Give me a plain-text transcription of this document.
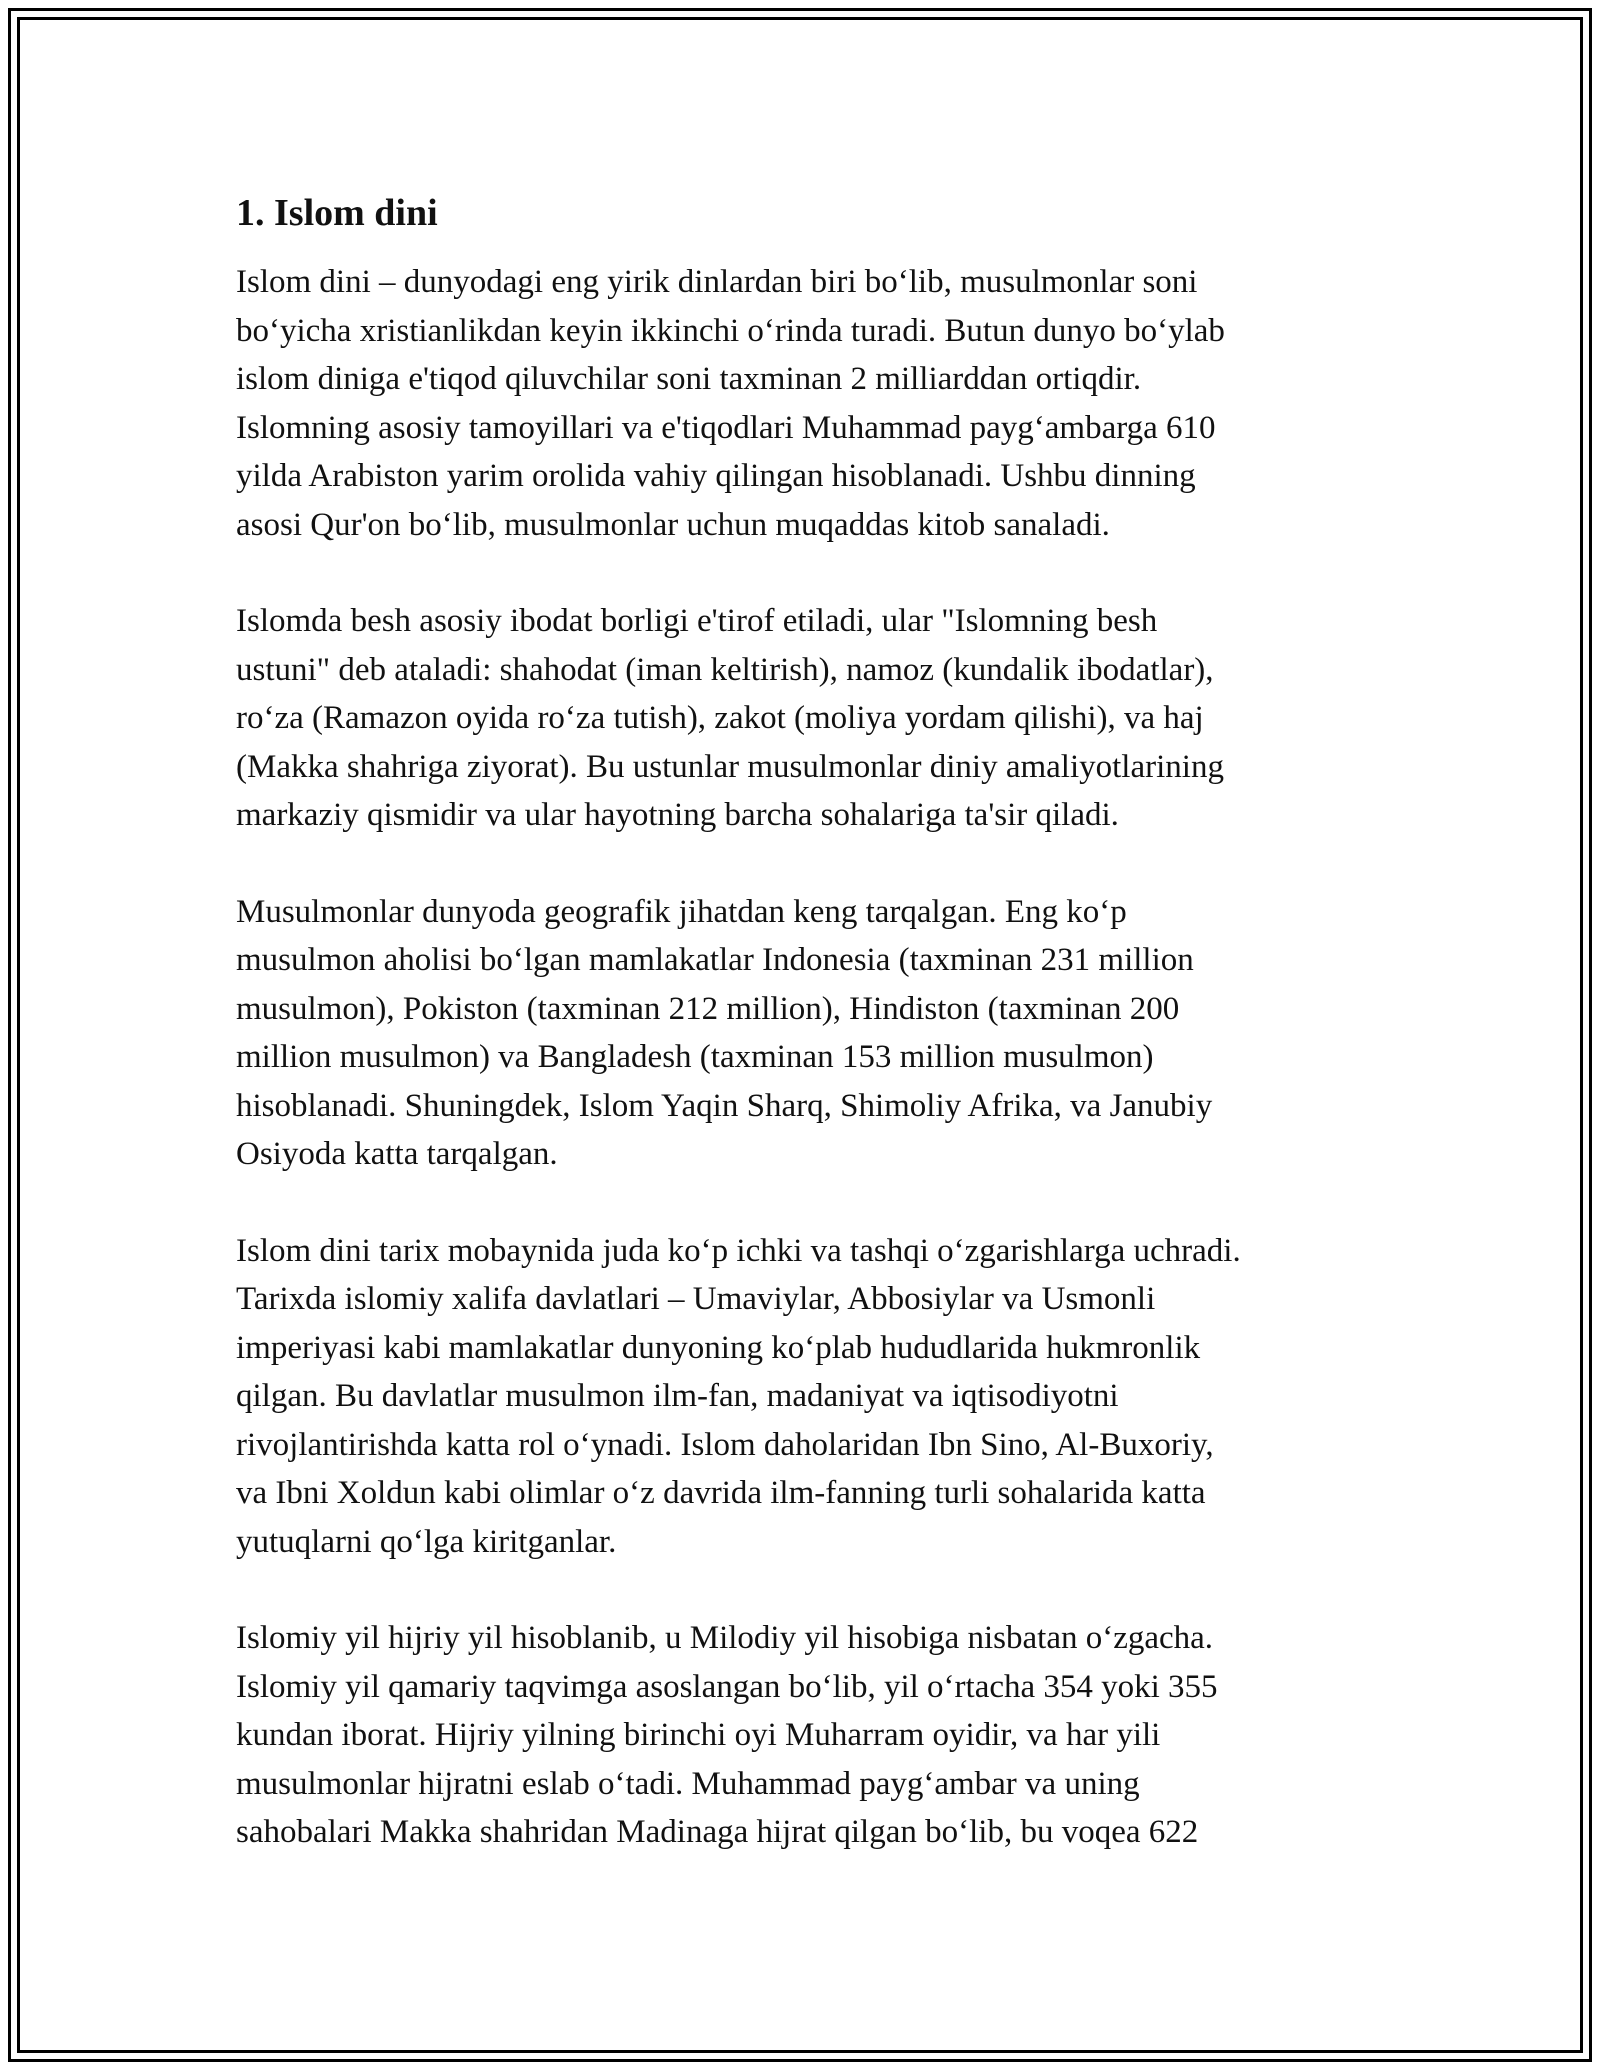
1. Islom dini
Islom dini – dunyodagi eng yirik dinlardan biri bo‘lib, musulmonlar soni
bo‘yicha xristianlikdan keyin ikkinchi o‘rinda turadi. Butun dunyo bo‘ylab
islom diniga e'tiqod qiluvchilar soni taxminan 2 milliarddan ortiqdir.
Islomning asosiy tamoyillari va e'tiqodlari Muhammad payg‘ambarga 610
yilda Arabiston yarim orolida vahiy qilingan hisoblanadi. Ushbu dinning
asosi Qur'on bo‘lib, musulmonlar uchun muqaddas kitob sanaladi.
Islomda besh asosiy ibodat borligi e'tirof etiladi, ular "Islomning besh
ustuni" deb ataladi: shahodat (iman keltirish), namoz (kundalik ibodatlar),
ro‘za (Ramazon oyida ro‘za tutish), zakot (moliya yordam qilishi), va haj
(Makka shahriga ziyorat). Bu ustunlar musulmonlar diniy amaliyotlarining
markaziy qismidir va ular hayotning barcha sohalariga ta'sir qiladi.
Musulmonlar dunyoda geografik jihatdan keng tarqalgan. Eng ko‘p
musulmon aholisi bo‘lgan mamlakatlar Indonesia (taxminan 231 million
musulmon), Pokiston (taxminan 212 million), Hindiston (taxminan 200
million musulmon) va Bangladesh (taxminan 153 million musulmon)
hisoblanadi. Shuningdek, Islom Yaqin Sharq, Shimoliy Afrika, va Janubiy
Osiyoda katta tarqalgan.
Islom dini tarix mobaynida juda ko‘p ichki va tashqi o‘zgarishlarga uchradi.
Tarixda islomiy xalifa davlatlari – Umaviylar, Abbosiylar va Usmonli
imperiyasi kabi mamlakatlar dunyoning ko‘plab hududlarida hukmronlik
qilgan. Bu davlatlar musulmon ilm-fan, madaniyat va iqtisodiyotni
rivojlantirishda katta rol o‘ynadi. Islom daholaridan Ibn Sino, Al-Buxoriy,
va Ibni Xoldun kabi olimlar o‘z davrida ilm-fanning turli sohalarida katta
yutuqlarni qo‘lga kiritganlar.
Islomiy yil hijriy yil hisoblanib, u Milodiy yil hisobiga nisbatan o‘zgacha.
Islomiy yil qamariy taqvimga asoslangan bo‘lib, yil o‘rtacha 354 yoki 355
kundan iborat. Hijriy yilning birinchi oyi Muharram oyidir, va har yili
musulmonlar hijratni eslab o‘tadi. Muhammad payg‘ambar va uning
sahobalari Makka shahridan Madinaga hijrat qilgan bo‘lib, bu voqea 622
